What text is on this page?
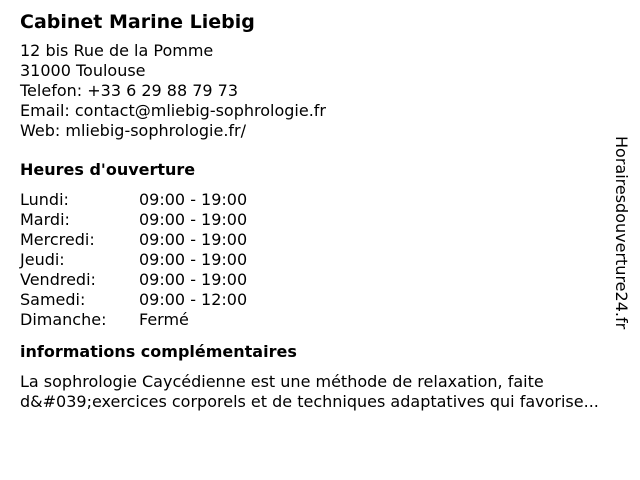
Cabinet Marine Liebig
12 bis Rue de la Pomme
31000 Toulouse
Telefon: +33 6 29 88 79 73
Email: contact@mliebig-sophrologie.fr
Web: mliebig-sophrologie.fr/
Heures d'ouverture
Lundi:	09:00 - 19:00
Mardi:	09:00 - 19:00
Mercredi:	09:00 - 19:00
Jeudi:	09:00 - 19:00
Vendredi:	09:00 - 19:00
Samedi:	09:00 - 12:00
Dimanche:	Fermé
informations complémentaires
La sophrologie Caycédienne est une méthode de relaxation, faite d&#039;exercices corporels et de techniques adaptatives qui favorise...
Horairesdouverture24.fr
